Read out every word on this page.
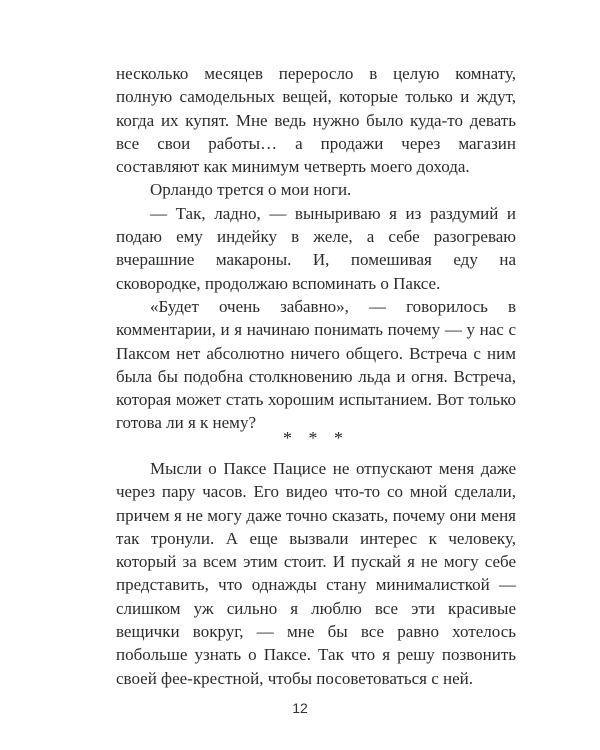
несколько месяцев переросло в целую комнату, полную самодельных вещей, которые только и ждут, когда их купят. Мне ведь нужно было куда-то девать все свои работы… а продажи через магазин составляют как минимум четверть моего дохода.

Орландо трется о мои ноги.

— Так, ладно, — выныриваю я из раздумий и подаю ему индейку в желе, а себе разогреваю вчерашние макароны. И, помешивая еду на сковородке, продолжаю вспоминать о Паксе.

«Будет очень забавно», — говорилось в комментарии, и я начинаю понимать почему — у нас с Паксом нет абсолютно ничего общего. Встреча с ним была бы подобна столкновению льда и огня. Встреча, которая может стать хорошим испытанием. Вот только готова ли я к нему?

* * *

Мысли о Паксе Пацисе не отпускают меня даже через пару часов. Его видео что-то со мной сделали, причем я не могу даже точно сказать, почему они меня так тронули. А еще вызвали интерес к человеку, который за всем этим стоит. И пускай я не могу себе представить, что однажды стану минималисткой — слишком уж сильно я люблю все эти красивые вещички вокруг, — мне бы все равно хотелось побольше узнать о Паксе. Так что я решу позвонить своей фее-крестной, чтобы посоветоваться с ней.

12
